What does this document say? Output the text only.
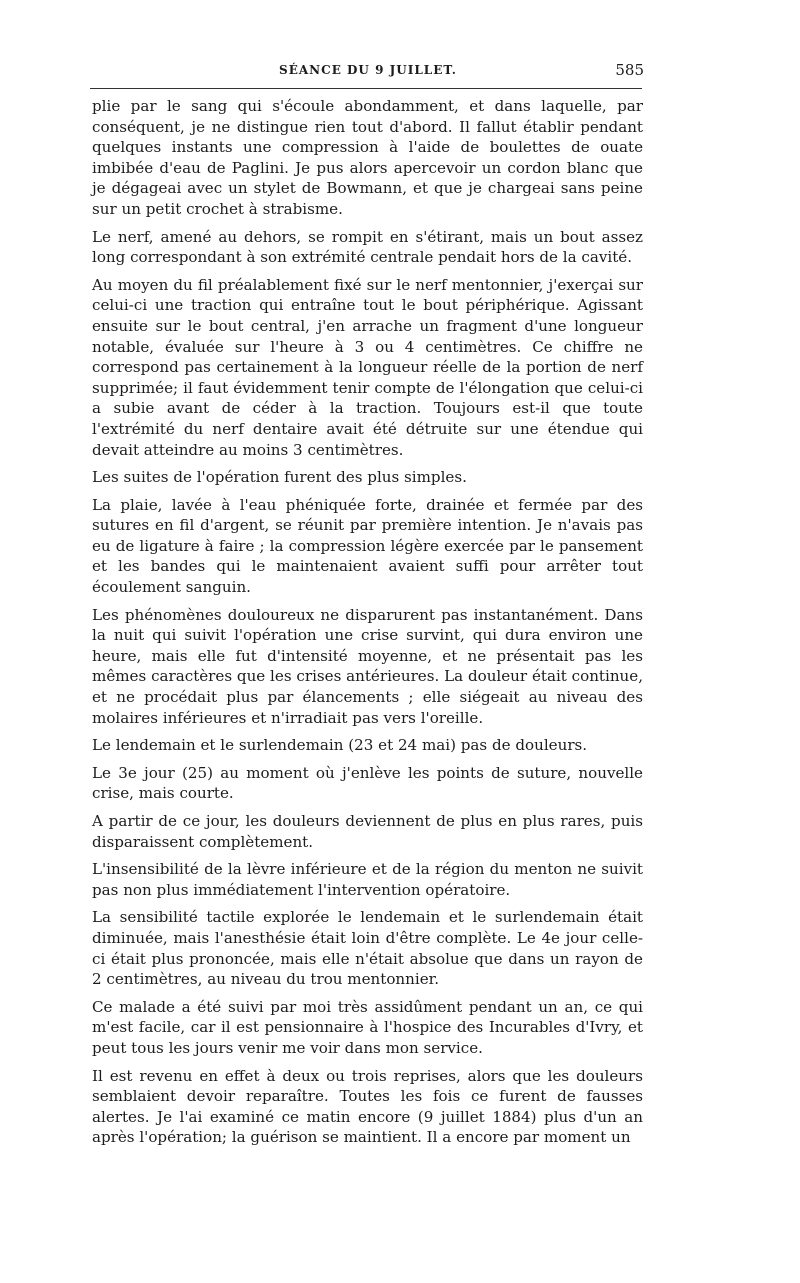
SÉANCE DU 9 JUILLET.	585

plie par le sang qui s'écoule abondamment, et dans laquelle, par conséquent, je ne distingue rien tout d'abord. Il fallut établir pendant quelques instants une compression à l'aide de boulettes de ouate imbibée d'eau de Paglini. Je pus alors apercevoir un cordon blanc que je dégageai avec un stylet de Bowmann, et que je chargeai sans peine sur un petit crochet à strabisme.

Le nerf, amené au dehors, se rompit en s'étirant, mais un bout assez long correspondant à son extrémité centrale pendait hors de la cavité.

Au moyen du fil préalablement fixé sur le nerf mentonnier, j'exerçai sur celui-ci une traction qui entraîne tout le bout périphérique. Agissant ensuite sur le bout central, j'en arrache un fragment d'une longueur notable, évaluée sur l'heure à 3 ou 4 centimètres. Ce chiffre ne correspond pas certainement à la longueur réelle de la portion de nerf supprimée; il faut évidemment tenir compte de l'élongation que celui-ci a subie avant de céder à la traction. Toujours est-il que toute l'extrémité du nerf dentaire avait été détruite sur une étendue qui devait atteindre au moins 3 centimètres.

Les suites de l'opération furent des plus simples.

La plaie, lavée à l'eau phéniquée forte, drainée et fermée par des sutures en fil d'argent, se réunit par première intention. Je n'avais pas eu de ligature à faire ; la compression légère exercée par le pansement et les bandes qui le maintenaient avaient suffi pour arrêter tout écoulement sanguin.

Les phénomènes douloureux ne disparurent pas instantanément. Dans la nuit qui suivit l'opération une crise survint, qui dura environ une heure, mais elle fut d'intensité moyenne, et ne présentait pas les mêmes caractères que les crises antérieures. La douleur était continue, et ne procédait plus par élancements ; elle siégeait au niveau des molaires inférieures et n'irradiait pas vers l'oreille.

Le lendemain et le surlendemain (23 et 24 mai) pas de douleurs.

Le 3e jour (25) au moment où j'enlève les points de suture, nouvelle crise, mais courte.

A partir de ce jour, les douleurs deviennent de plus en plus rares, puis disparaissent complètement.

L'insensibilité de la lèvre inférieure et de la région du menton ne suivit pas non plus immédiatement l'intervention opératoire.

La sensibilité tactile explorée le lendemain et le surlendemain était diminuée, mais l'anesthésie était loin d'être complète. Le 4e jour celle-ci était plus prononcée, mais elle n'était absolue que dans un rayon de 2 centimètres, au niveau du trou mentonnier.

Ce malade a été suivi par moi très assidûment pendant un an, ce qui m'est facile, car il est pensionnaire à l'hospice des Incurables d'Ivry, et peut tous les jours venir me voir dans mon service.

Il est revenu en effet à deux ou trois reprises, alors que les douleurs semblaient devoir reparaître. Toutes les fois ce furent de fausses alertes. Je l'ai examiné ce matin encore (9 juillet 1884) plus d'un an après l'opération; la guérison se maintient. Il a encore par moment un
